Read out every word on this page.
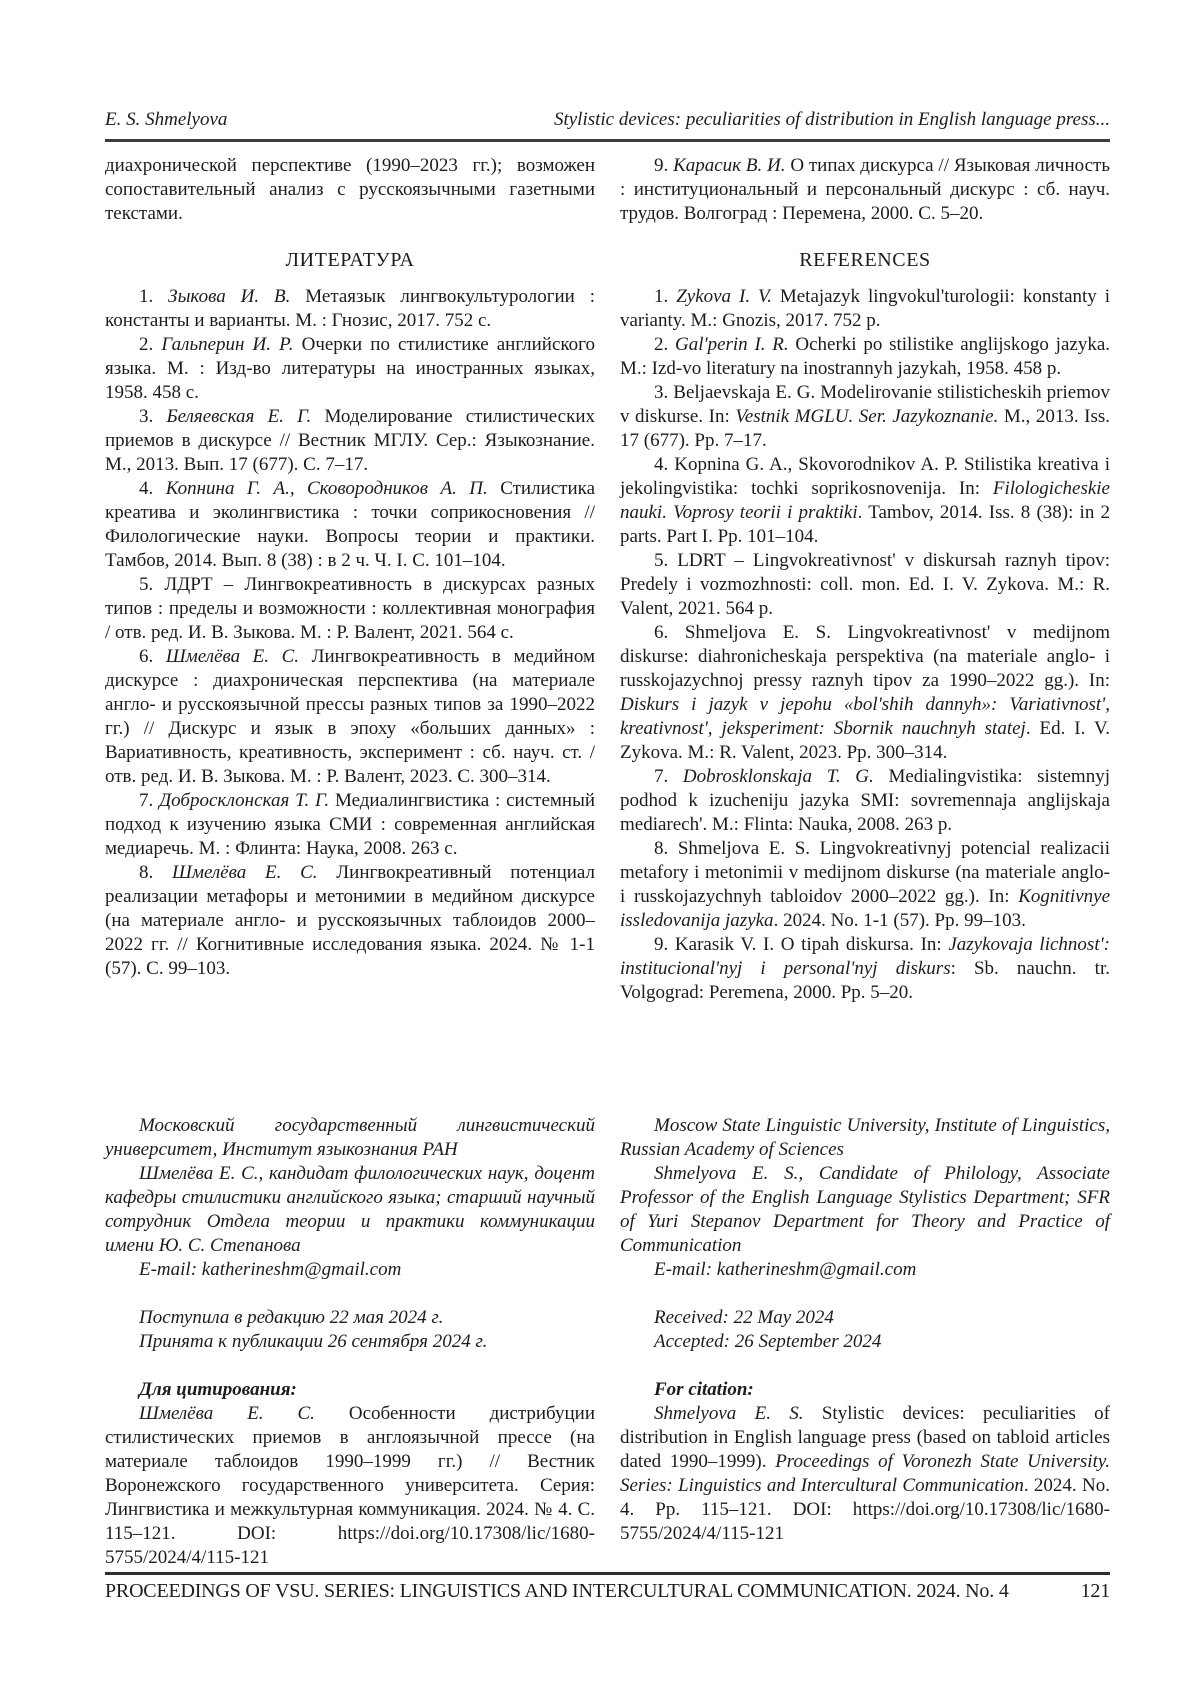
E. S. Shmelyova	Stylistic devices: peculiarities of distribution in English language press...

диахронической перспективе (1990–2023 гг.); возможен сопоставительный анализ с русскоязычными газетными текстами.

ЛИТЕРАТУРА

1. Зыкова И. В. Метаязык лингвокультурологии : константы и варианты. М. : Гнозис, 2017. 752 с.

2. Гальперин И. Р. Очерки по стилистике английского языка. М. : Изд-во литературы на иностранных языках, 1958. 458 с.

3. Беляевская Е. Г. Моделирование стилистических приемов в дискурсе // Вестник МГЛУ. Сер.: Языкознание. М., 2013. Вып. 17 (677). С. 7–17.

4. Копнина Г. А., Сковородников А. П. Стилистика креатива и эколингвистика : точки соприкосновения // Филологические науки. Вопросы теории и практики. Тамбов, 2014. Вып. 8 (38) : в 2 ч. Ч. I. С. 101–104.

5. ЛДРТ – Лингвокреативность в дискурсах разных типов : пределы и возможности : коллективная монография / отв. ред. И. В. Зыкова. М. : Р. Валент, 2021. 564 с.

6. Шмелёва Е. С. Лингвокреативность в медийном дискурсе : диахроническая перспектива (на материале англо- и русскоязычной прессы разных типов за 1990–2022 гг.) // Дискурс и язык в эпоху «больших данных» : Вариативность, креативность, эксперимент : сб. науч. ст. / отв. ред. И. В. Зыкова. М. : Р. Валент, 2023. С. 300–314.

7. Добросклонская Т. Г. Медиалингвистика : системный подход к изучению языка СМИ : современная английская медиаречь. М. : Флинта: Наука, 2008. 263 с.

8. Шмелёва Е. С. Лингвокреативный потенциал реализации метафоры и метонимии в медийном дискурсе (на материале англо- и русскоязычных таблоидов 2000–2022 гг. // Когнитивные исследования языка. 2024. № 1-1 (57). С. 99–103.

Московский государственный лингвистический университет, Институт языкознания РАН

Шмелёва Е. С., кандидат филологических наук, доцент кафедры стилистики английского языка; старший научный сотрудник Отдела теории и практики коммуникации имени Ю. С. Степанова

E-mail: katherineshm@gmail.com

Поступила в редакцию 22 мая 2024 г.

Принята к публикации 26 сентября 2024 г.

Для цитирования:

Шмелёва Е. С. Особенности дистрибуции стилистических приемов в англоязычной прессе (на материале таблоидов 1990–1999 гг.) // Вестник Воронежского государственного университета. Серия: Лингвистика и межкультурная коммуникация. 2024. № 4. С. 115–121. DOI: https://doi.org/10.17308/lic/1680-5755/2024/4/115-121

9. Карасик В. И. О типах дискурса // Языковая личность : институциональный и персональный дискурс : сб. науч. трудов. Волгоград : Перемена, 2000. С. 5–20.

REFERENCES

1. Zykova I. V. Metajazyk lingvokul'turologii: konstanty i varianty. M.: Gnozis, 2017. 752 p.

2. Gal'perin I. R. Ocherki po stilistike anglijskogo jazyka. M.: Izd-vo literatury na inostrannyh jazykah, 1958. 458 p.

3. Beljaevskaja E. G. Modelirovanie stilisticheskih priemov v diskurse. In: Vestnik MGLU. Ser. Jazykoznanie. M., 2013. Iss. 17 (677). Pp. 7–17.

4. Kopnina G. A., Skovorodnikov A. P. Stilistika kreativa i jekolingvistika: tochki soprikosnovenija. In: Filologicheskie nauki. Voprosy teorii i praktiki. Tambov, 2014. Iss. 8 (38): in 2 parts. Part I. Pp. 101–104.

5. LDRT – Lingvokreativnost' v diskursah raznyh tipov: Predely i vozmozhnosti: coll. mon. Ed. I. V. Zykova. M.: R. Valent, 2021. 564 p.

6. Shmeljova E. S. Lingvokreativnost' v medijnom diskurse: diahronicheskaja perspektiva (na materiale anglo- i russkojazychnoj pressy raznyh tipov za 1990–2022 gg.). In: Diskurs i jazyk v jepohu «bol'shih dannyh»: Variativnost', kreativnost', jeksperiment: Sbornik nauchnyh statej. Ed. I. V. Zykova. M.: R. Valent, 2023. Pp. 300–314.

7. Dobrosklonskaja T. G. Medialingvistika: sistemnyj podhod k izucheniju jazyka SMI: sovremennaja anglijskaja mediarech'. M.: Flinta: Nauka, 2008. 263 p.

8. Shmeljova E. S. Lingvokreativnyj potencial realizacii metafory i metonimii v medijnom diskurse (na materiale anglo- i russkojazychnyh tabloidov 2000–2022 gg.). In: Kognitivnye issledovanija jazyka. 2024. No. 1-1 (57). Pp. 99–103.

9. Karasik V. I. O tipah diskursa. In: Jazykovaja lichnost': institucional'nyj i personal'nyj diskurs: Sb. nauchn. tr. Volgograd: Peremena, 2000. Pp. 5–20.

Moscow State Linguistic University, Institute of Linguistics, Russian Academy of Sciences

Shmelyova E. S., Candidate of Philology, Associate Professor of the English Language Stylistics Department; SFR of Yuri Stepanov Department for Theory and Practice of Communication

E-mail: katherineshm@gmail.com

Received: 22 May 2024

Accepted: 26 September 2024

For citation:

Shmelyova E. S. Stylistic devices: peculiarities of distribution in English language press (based on tabloid articles dated 1990–1999). Proceedings of Voronezh State University. Series: Linguistics and Intercultural Communication. 2024. No. 4. Pp. 115–121. DOI: https://doi.org/10.17308/lic/1680-5755/2024/4/115-121

PROCEEDINGS OF VSU. SERIES: LINGUISTICS AND INTERCULTURAL COMMUNICATION. 2024. No. 4	121
